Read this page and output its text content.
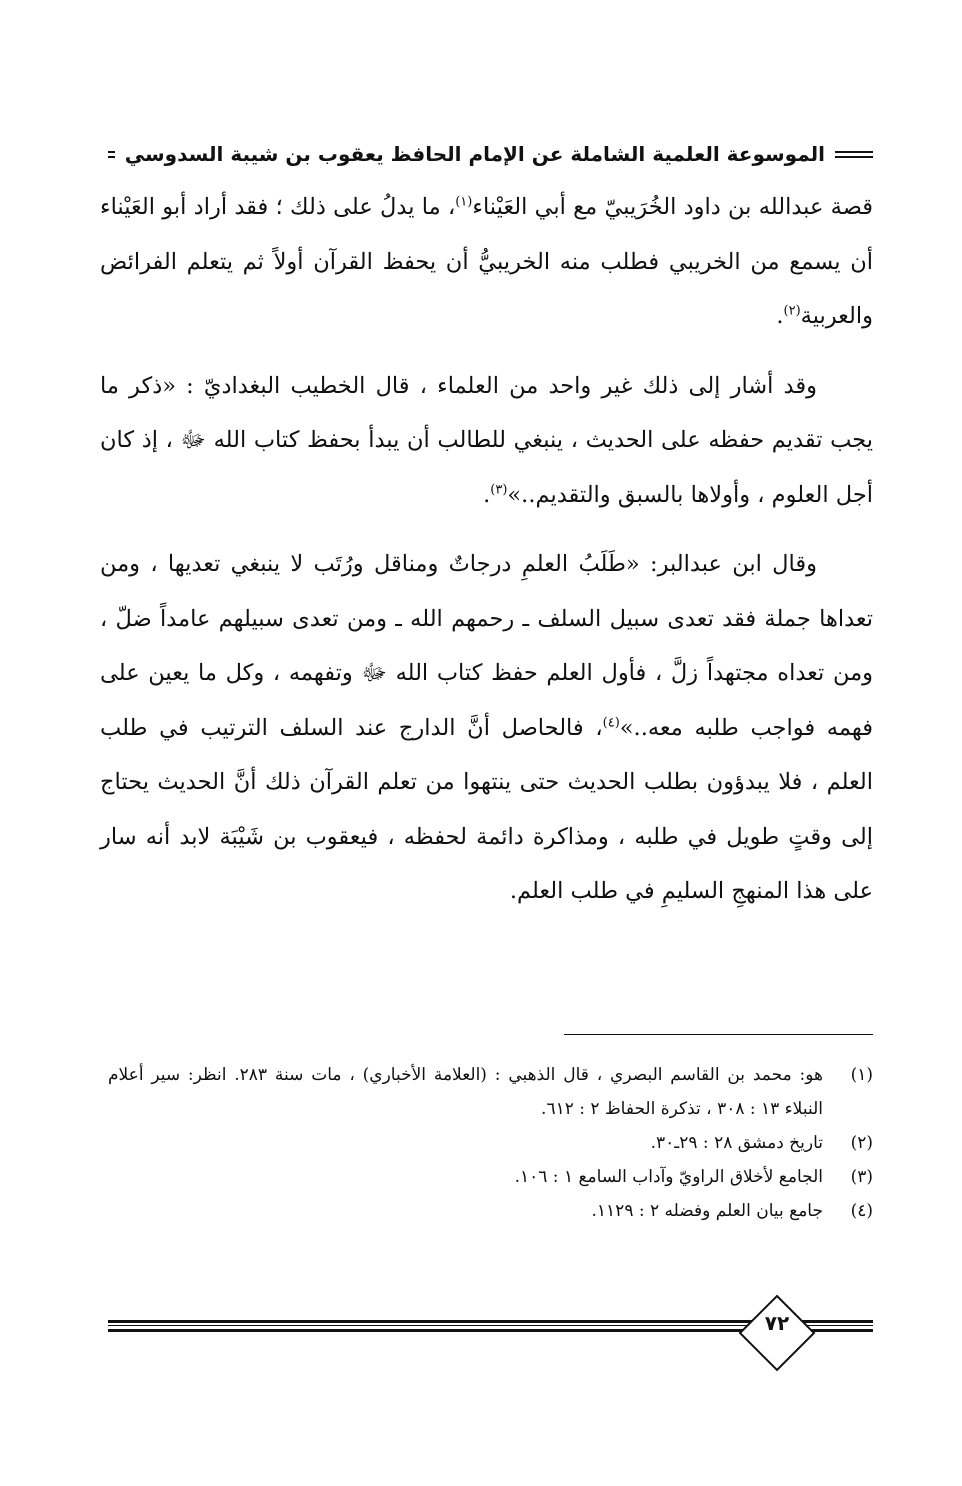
الموسوعة العلمية الشاملة عن الإمام الحافظ يعقوب بن شيبة السدوسي

قصة عبدالله بن داود الخُرَيبيّ مع أبي العَيْناء$^{(١)}$، ما يدلُ على ذلك ؛ فقد أراد أبو العَيْناء أن يسمع من الخريبي فطلب منه الخريبيُّ أن يحفظ القرآن أولاً ثم يتعلم الفرائض والعربية$^{(٢)}$.

وقد أشار إلى ذلك غير واحد من العلماء ، قال الخطيب البغداديّ : «ذكر ما يجب تقديم حفظه على الحديث ، ينبغي للطالب أن يبدأ بحفظ كتاب الله ﷻ ، إذ كان أجل العلوم ، وأولاها بالسبق والتقديم..»$^{(٣)}$.

وقال ابن عبدالبر: «طَلَبُ العلمِ درجاتٌ ومناقل ورُتَب لا ينبغي تعديها ، ومن تعداها جملة فقد تعدى سبيل السلف ـ رحمهم الله ـ ومن تعدى سبيلهم عامداً ضلّ ، ومن تعداه مجتهداً زلَّ ، فأول العلم حفظ كتاب الله ﷻ وتفهمه ، وكل ما يعين على فهمه فواجب طلبه معه..»$^{(٤)}$، فالحاصل أنَّ الدارج عند السلف الترتيب في طلب العلم ، فلا يبدؤون بطلب الحديث حتى ينتهوا من تعلم القرآن ذلك أنَّ الحديث يحتاج إلى وقتٍ طويل في طلبه ، ومذاكرة دائمة لحفظه ، فيعقوب بن شَيْبَة لابد أنه سار على هذا المنهجِ السليمِ في طلب العلم.

(١)
هو: محمد بن القاسم البصري ، قال الذهبي : (العلامة الأخباري) ، مات سنة ٢٨٣. انظر: سير أعلام النبلاء ١٣ : ٣٠٨ ، تذكرة الحفاظ ٢ : ٦١٢.
(٢)
تاريخ دمشق ٢٨ : ٢٩ـ٣٠.
(٣)
الجامع لأخلاق الراويّ وآداب السامع ١ : ١٠٦.
(٤)
جامع بيان العلم وفضله ٢ : ١١٢٩.
٧٢
